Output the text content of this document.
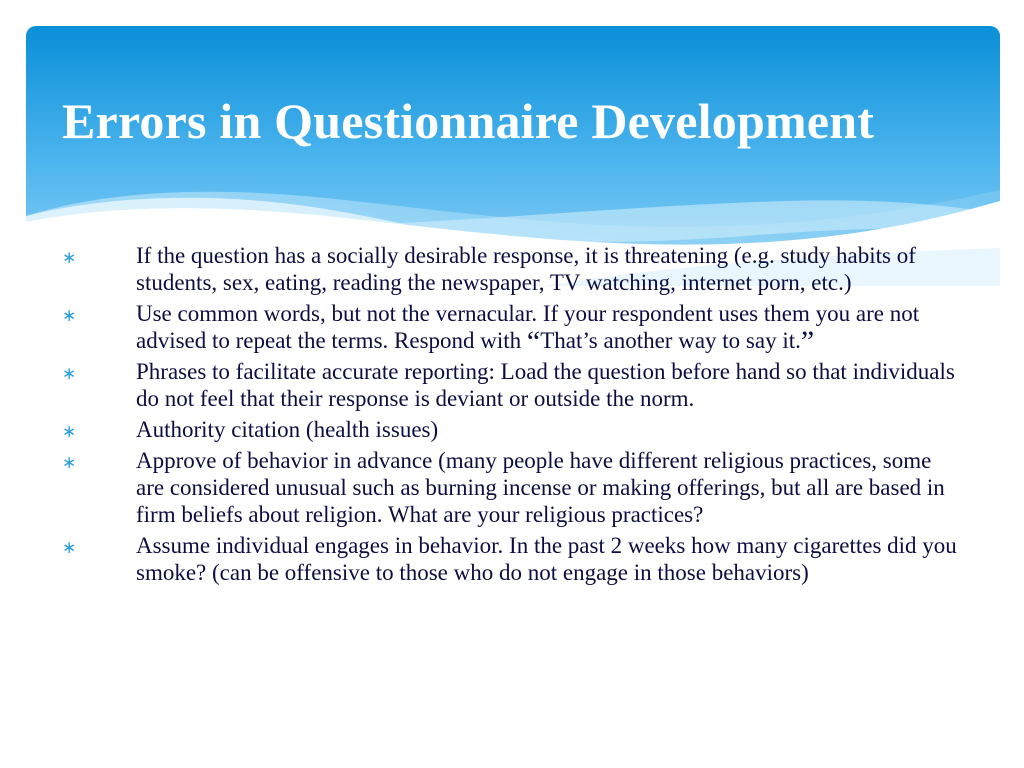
Errors in Questionnaire Development
∗	If the question has a socially desirable response, it is threatening (e.g. study habits of students, sex, eating, reading the newspaper, TV watching, internet porn, etc.)
∗	Use common words, but not the vernacular. If your respondent uses them you are not advised to repeat the terms. Respond with “That’s another way to say it.”
∗	Phrases to facilitate accurate reporting: Load the question before hand so that individuals do not feel that their response is deviant or outside the norm.
∗	Authority citation (health issues)
∗	Approve of behavior in advance (many people have different religious practices, some are considered unusual such as burning incense or making offerings, but all are based in firm beliefs about religion. What are your religious practices?
∗	Assume individual engages in behavior. In the past 2 weeks how many cigarettes did you smoke? (can be offensive to those who do not engage in those behaviors)
